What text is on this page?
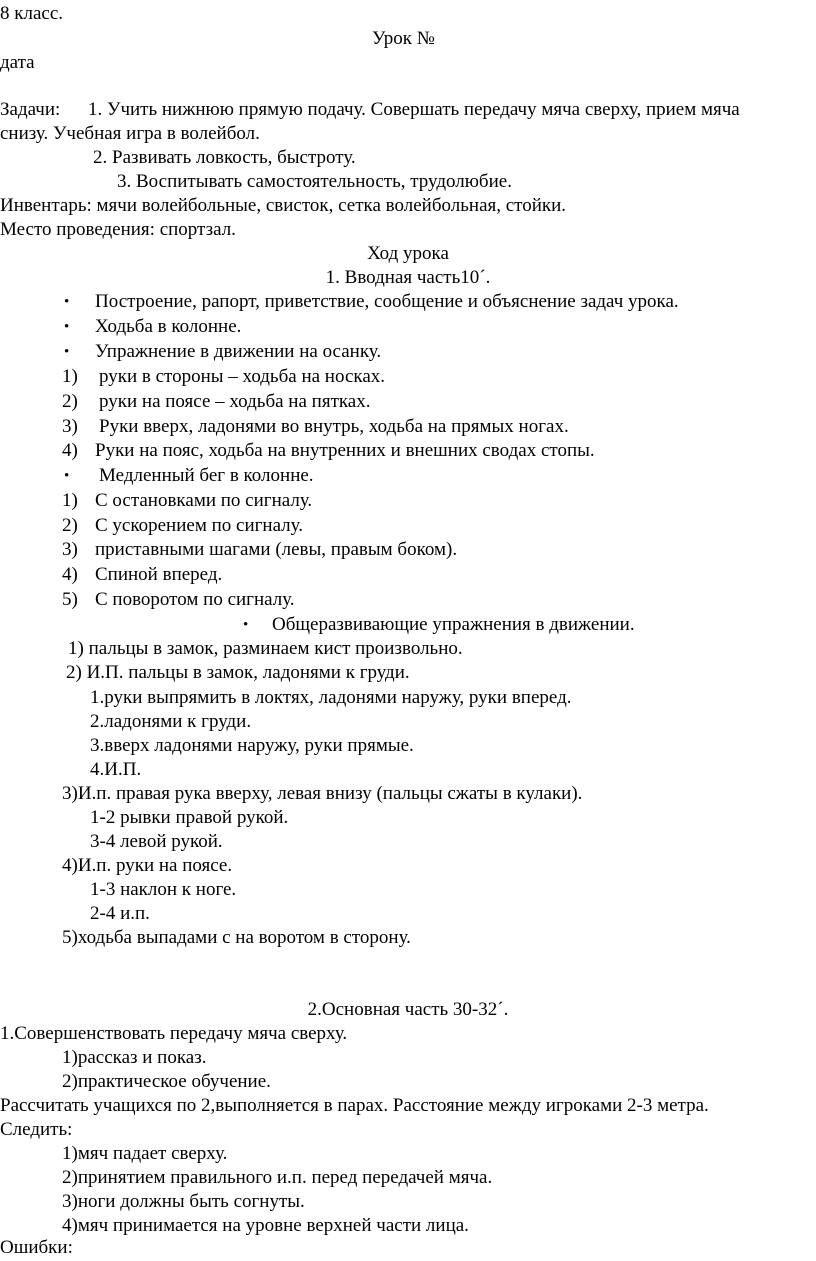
8 класс.
Урок №
дата
Задачи: 1. Учить нижнюю прямую подачу. Совершать передачу мяча сверху, прием мяча
снизу. Учебная игра в волейбол.
2. Развивать ловкость, быстроту.
3. Воспитывать самостоятельность, трудолюбие.
Инвентарь: мячи волейбольные, свисток, сетка волейбольная, стойки.
Место проведения: спортзал.
Ход урока
1. Вводная часть10´.
• Построение, рапорт, приветствие, сообщение и объяснение задач урока.
• Ходьба в колонне.
• Упражнение в движении на осанку.
1) руки в стороны – ходьба на носках.
2) руки на поясе – ходьба на пятках.
3) Руки вверх, ладонями во внутрь, ходьба на прямых ногах.
4) Руки на пояс, ходьба на внутренних и внешних сводах стопы.
• Медленный бег в колонне.
1) С остановками по сигналу.
2) С ускорением по сигналу.
3) приставными шагами (левы, правым боком).
4) Спиной вперед.
5) С поворотом по сигналу.
• Общеразвивающие упражнения в движении.
1) пальцы в замок, разминаем кист произвольно.
2) И.П. пальцы в замок, ладонями к груди.
1.руки выпрямить в локтях, ладонями наружу, руки вперед.
2.ладонями к груди.
3.вверх ладонями наружу, руки прямые.
4.И.П.
3)И.п. правая рука вверху, левая внизу (пальцы сжаты в кулаки).
1-2 рывки правой рукой.
3-4 левой рукой.
4)И.п. руки на поясе.
1-3 наклон к ноге.
2-4 и.п.
5)ходьба выпадами с на воротом в сторону.
2.Основная часть 30-32´.
1.Совершенствовать передачу мяча сверху.
1)рассказ и показ.
2)практическое обучение.
Рассчитать учащихся по 2,выполняется в парах. Расстояние между игроками 2-3 метра.
Следить:
1)мяч падает сверху.
2)принятием правильного и.п. перед передачей мяча.
3)ноги должны быть согнуты.
4)мяч принимается на уровне верхней части лица.
Ошибки:
